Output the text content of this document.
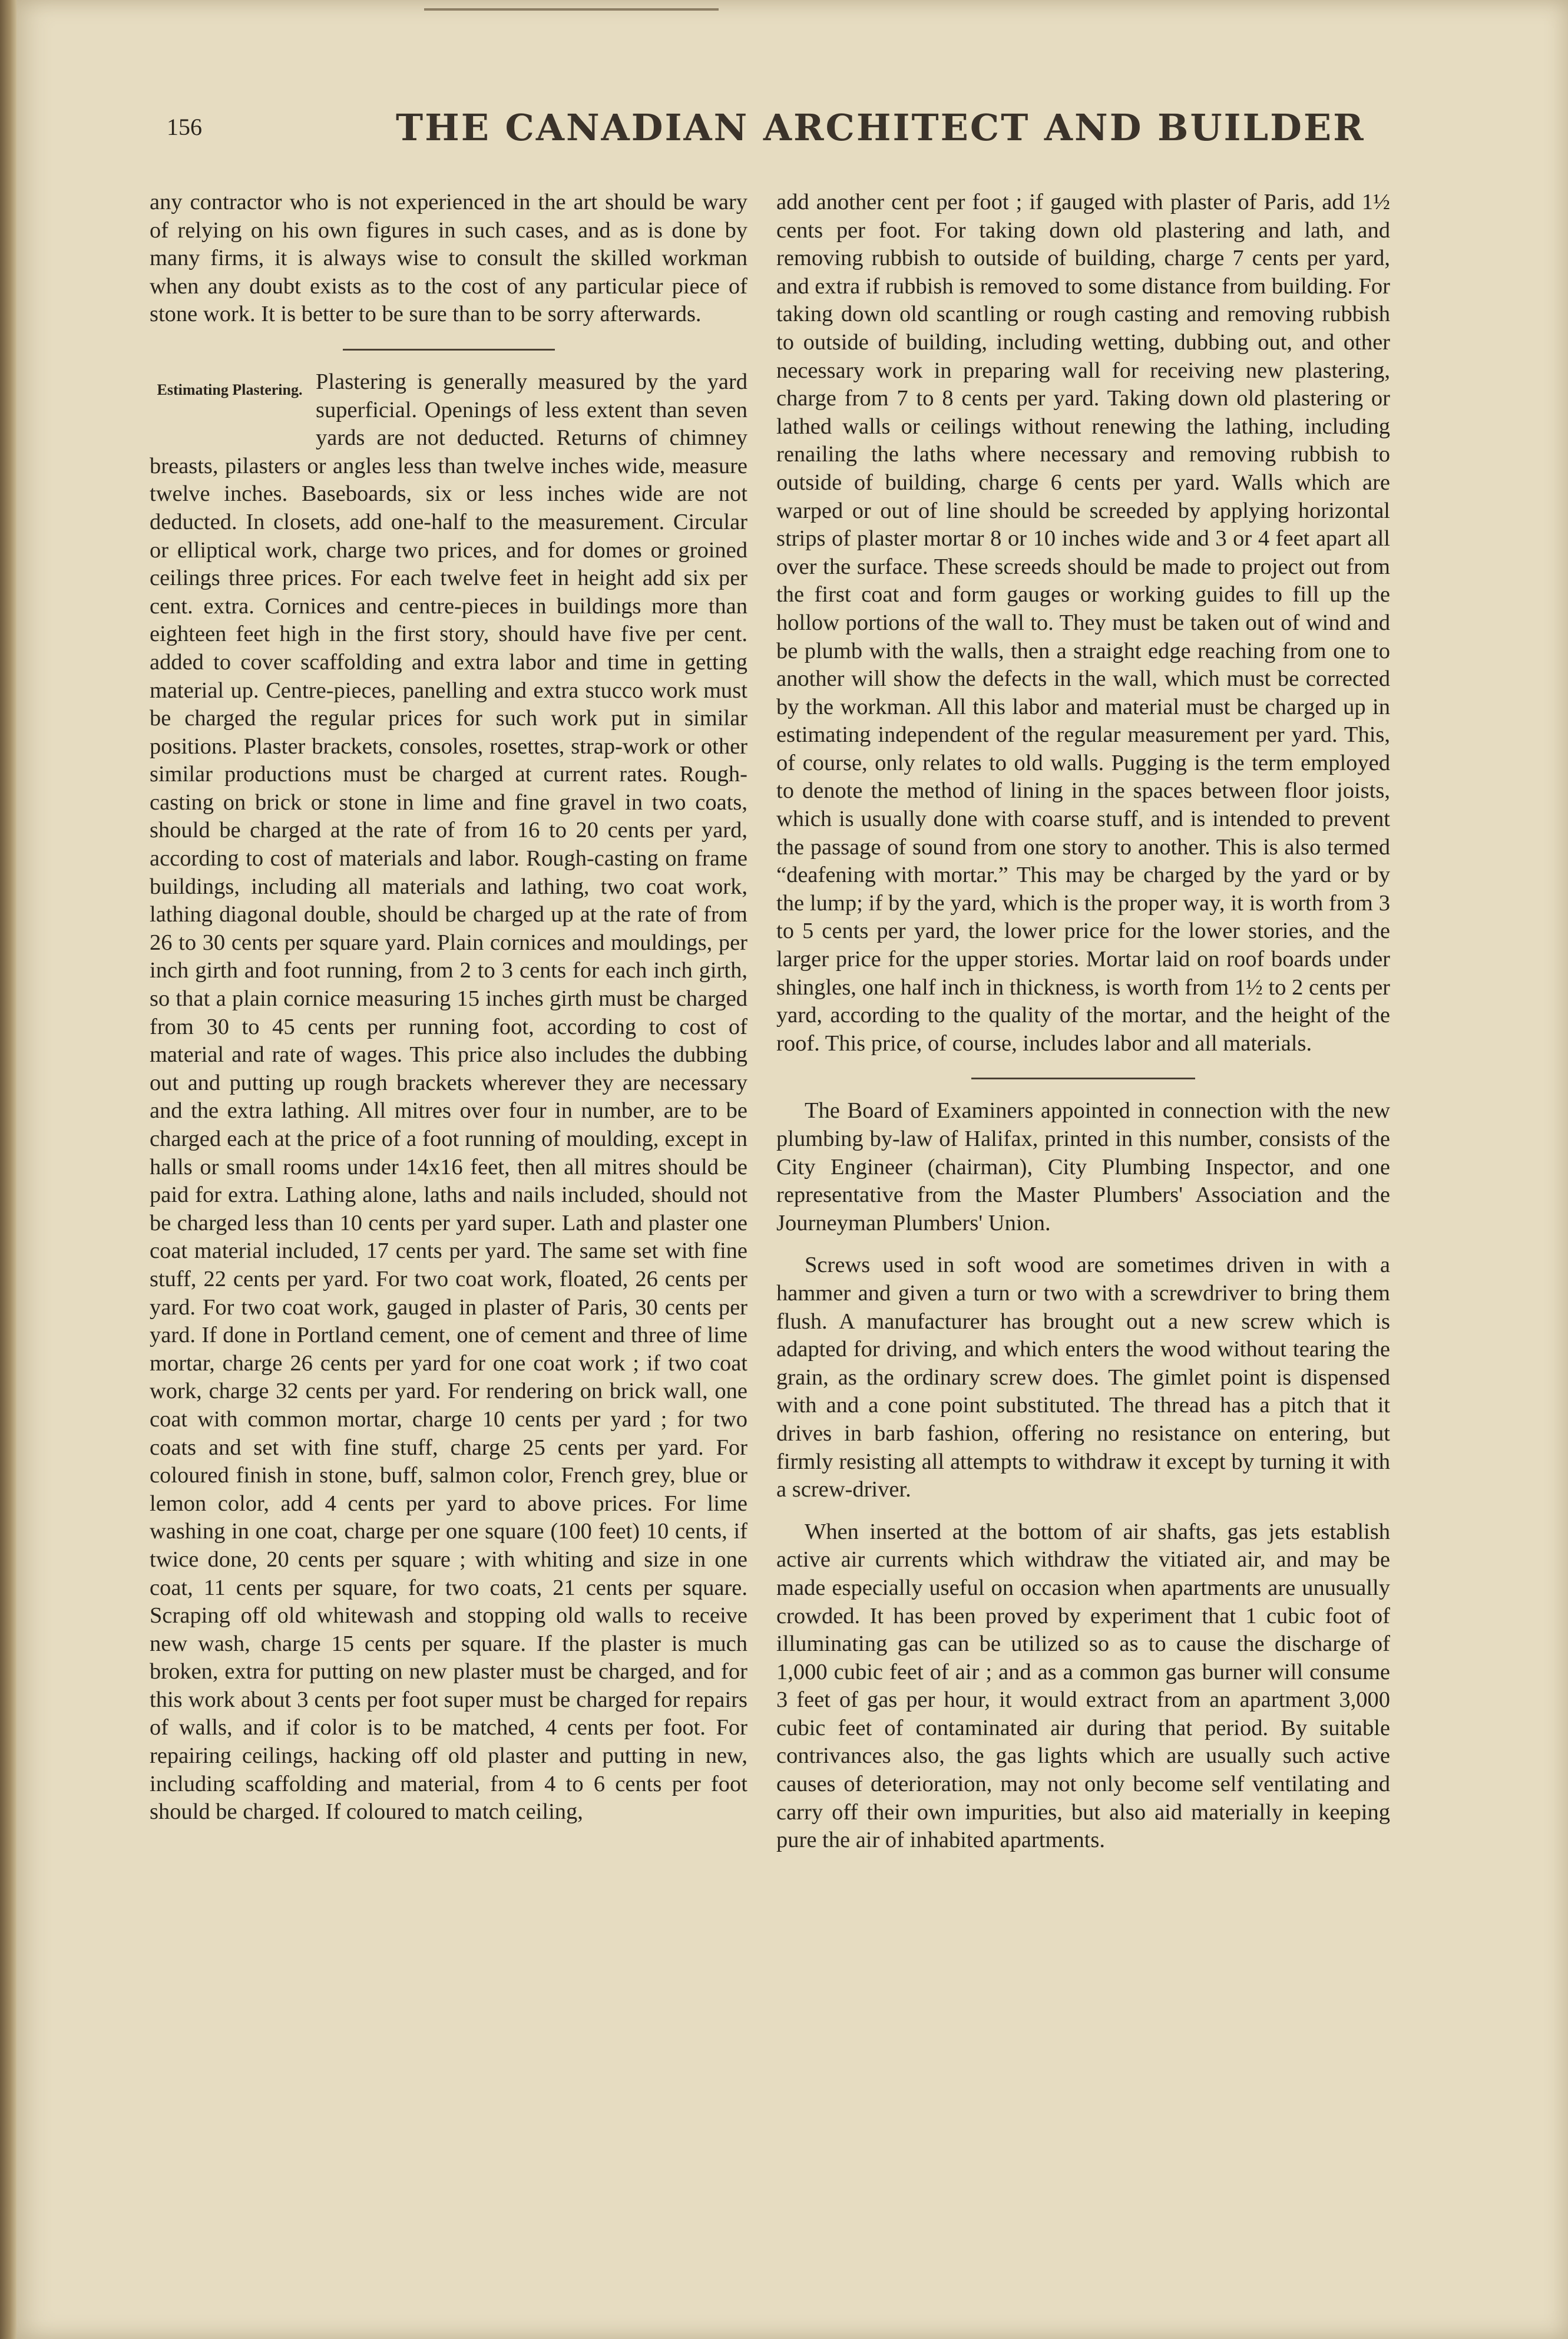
156	THE CANADIAN ARCHITECT AND BUILDER

any contractor who is not experienced in the art should be wary of relying on his own figures in such cases, and as is done by many firms, it is always wise to consult the skilled workman when any doubt exists as to the cost of any particular piece of stone work. It is better to be sure than to be sorry afterwards.

Estimating Plastering. Plastering is generally measured by the yard superficial. Openings of less extent than seven yards are not deducted. Returns of chimney breasts, pilasters or angles less than twelve inches wide, measure twelve inches. Baseboards, six or less inches wide are not deducted. In closets, add one-half to the measurement. Circular or elliptical work, charge two prices, and for domes or groined ceilings three prices. For each twelve feet in height add six per cent. extra. Cornices and centre-pieces in buildings more than eighteen feet high in the first story, should have five per cent. added to cover scaffolding and extra labor and time in getting material up. Centre-pieces, panelling and extra stucco work must be charged the regular prices for such work put in similar positions. Plaster brackets, consoles, rosettes, strap-work or other similar productions must be charged at current rates. Rough-casting on brick or stone in lime and fine gravel in two coats, should be charged at the rate of from 16 to 20 cents per yard, according to cost of materials and labor. Rough-casting on frame buildings, including all materials and lathing, two coat work, lathing diagonal double, should be charged up at the rate of from 26 to 30 cents per square yard. Plain cornices and mouldings, per inch girth and foot running, from 2 to 3 cents for each inch girth, so that a plain cornice measuring 15 inches girth must be charged from 30 to 45 cents per running foot, according to cost of material and rate of wages. This price also includes the dubbing out and putting up rough brackets wherever they are necessary and the extra lathing. All mitres over four in number, are to be charged each at the price of a foot running of moulding, except in halls or small rooms under 14x16 feet, then all mitres should be paid for extra. Lathing alone, laths and nails included, should not be charged less than 10 cents per yard super. Lath and plaster one coat material included, 17 cents per yard. The same set with fine stuff, 22 cents per yard. For two coat work, floated, 26 cents per yard. For two coat work, gauged in plaster of Paris, 30 cents per yard. If done in Portland cement, one of cement and three of lime mortar, charge 26 cents per yard for one coat work ; if two coat work, charge 32 cents per yard. For rendering on brick wall, one coat with common mortar, charge 10 cents per yard ; for two coats and set with fine stuff, charge 25 cents per yard. For coloured finish in stone, buff, salmon color, French grey, blue or lemon color, add 4 cents per yard to above prices. For lime washing in one coat, charge per one square (100 feet) 10 cents, if twice done, 20 cents per square ; with whiting and size in one coat, 11 cents per square, for two coats, 21 cents per square. Scraping off old whitewash and stopping old walls to receive new wash, charge 15 cents per square. If the plaster is much broken, extra for putting on new plaster must be charged, and for this work about 3 cents per foot super must be charged for repairs of walls, and if color is to be matched, 4 cents per foot. For repairing ceilings, hacking off old plaster and putting in new, including scaffolding and material, from 4 to 6 cents per foot should be charged. If coloured to match ceiling,

add another cent per foot ; if gauged with plaster of Paris, add 1½ cents per foot. For taking down old plastering and lath, and removing rubbish to outside of building, charge 7 cents per yard, and extra if rubbish is removed to some distance from building. For taking down old scantling or rough casting and removing rubbish to outside of building, including wetting, dubbing out, and other necessary work in preparing wall for receiving new plastering, charge from 7 to 8 cents per yard. Taking down old plastering or lathed walls or ceilings without renewing the lathing, including renailing the laths where necessary and removing rubbish to outside of building, charge 6 cents per yard. Walls which are warped or out of line should be screeded by applying horizontal strips of plaster mortar 8 or 10 inches wide and 3 or 4 feet apart all over the surface. These screeds should be made to project out from the first coat and form gauges or working guides to fill up the hollow portions of the wall to. They must be taken out of wind and be plumb with the walls, then a straight edge reaching from one to another will show the defects in the wall, which must be corrected by the workman. All this labor and material must be charged up in estimating independent of the regular measurement per yard. This, of course, only relates to old walls. Pugging is the term employed to denote the method of lining in the spaces between floor joists, which is usually done with coarse stuff, and is intended to prevent the passage of sound from one story to another. This is also termed “deafening with mortar.” This may be charged by the yard or by the lump; if by the yard, which is the proper way, it is worth from 3 to 5 cents per yard, the lower price for the lower stories, and the larger price for the upper stories. Mortar laid on roof boards under shingles, one half inch in thickness, is worth from 1½ to 2 cents per yard, according to the quality of the mortar, and the height of the roof. This price, of course, includes labor and all materials.

The Board of Examiners appointed in connection with the new plumbing by-law of Halifax, printed in this number, consists of the City Engineer (chairman), City Plumbing Inspector, and one representative from the Master Plumbers' Association and the Journeyman Plumbers' Union.

Screws used in soft wood are sometimes driven in with a hammer and given a turn or two with a screwdriver to bring them flush. A manufacturer has brought out a new screw which is adapted for driving, and which enters the wood without tearing the grain, as the ordinary screw does. The gimlet point is dispensed with and a cone point substituted. The thread has a pitch that it drives in barb fashion, offering no resistance on entering, but firmly resisting all attempts to withdraw it except by turning it with a screw-driver.

When inserted at the bottom of air shafts, gas jets establish active air currents which withdraw the vitiated air, and may be made especially useful on occasion when apartments are unusually crowded. It has been proved by experiment that 1 cubic foot of illuminating gas can be utilized so as to cause the discharge of 1,000 cubic feet of air ; and as a common gas burner will consume 3 feet of gas per hour, it would extract from an apartment 3,000 cubic feet of contaminated air during that period. By suitable contrivances also, the gas lights which are usually such active causes of deterioration, may not only become self ventilating and carry off their own impurities, but also aid materially in keeping pure the air of inhabited apartments.
